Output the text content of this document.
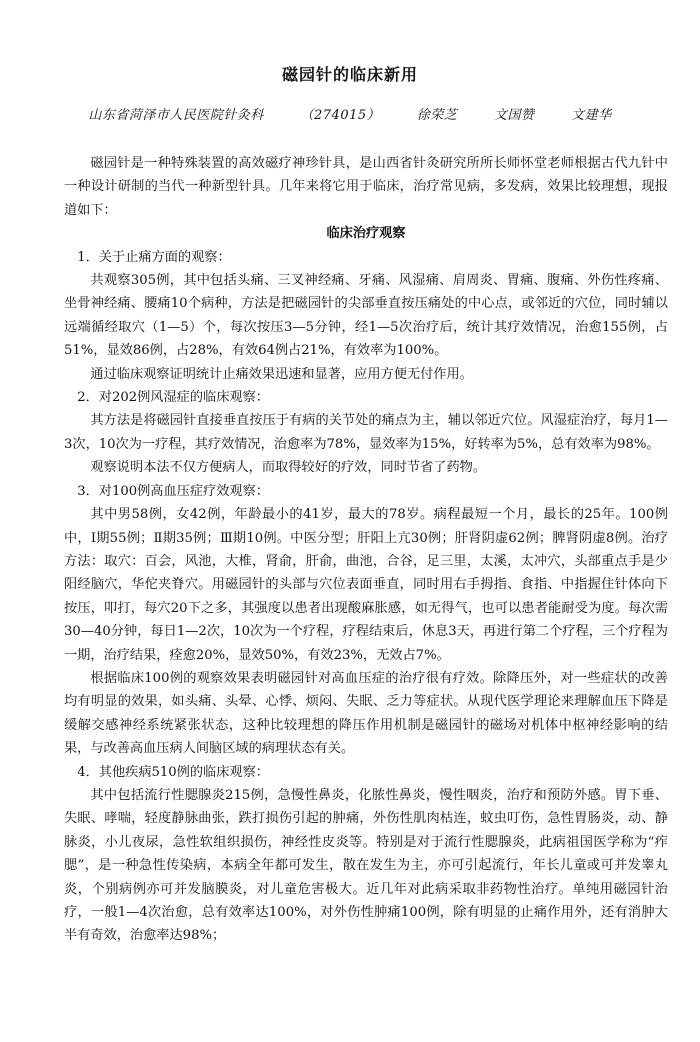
磁园针的临床新用
山东省菏泽市人民医院针灸科	（274015）	徐荣芝	文国赞	文建华

磁园针是一种特殊装置的高效磁疗神珍针具，是山西省针灸研究所所长师怀堂老师根据古代九针中一种设计研制的当代一种新型针具。几年来将它用于临床，治疗常见病，多发病，效果比较理想，现报道如下：

临床治疗观察

1．关于止痛方面的观察：

共观察305例，其中包括头痛、三叉神经痛、牙痛、风湿痛、肩周炎、胃痛、腹痛、外伤性疼痛、坐骨神经痛、腰痛10个病种，方法是把磁园针的尖部垂直按压痛处的中心点，或邻近的穴位，同时辅以远端循经取穴（1—5）个，每次按压3—5分钟，经1—5次治疗后，统计其疗效情况，治愈155例，占51%，显效86例，占28%，有效64例占21%，有效率为100%。

通过临床观察证明统计止痛效果迅速和显著，应用方便无付作用。

2．对202例风湿症的临床观察：

其方法是将磁园针直接垂直按压于有病的关节处的痛点为主，辅以邻近穴位。风湿症治疗，每月1—3次，10次为一疗程，其疗效情况，治愈率为78%，显效率为15%，好转率为5%，总有效率为98%。

观察说明本法不仅方便病人，而取得较好的疗效，同时节省了药物。

3．对100例高血压症疗效观察：

其中男58例，女42例，年龄最小的41岁，最大的78岁。病程最短一个月，最长的25年。100例中，Ⅰ期55例；Ⅱ期35例；Ⅲ期10例。中医分型；肝阳上亢30例；肝肾阴虚62例；脾肾阴虚8例。治疗方法：取穴：百会，风池，大椎，肾俞，肝俞，曲池，合谷，足三里，太溪，太冲穴，头部重点手是少阳经脑穴，华佗夹脊穴。用磁园针的头部与穴位表面垂直，同时用右手拇指、食指、中指握住针体向下按压，叩打，每穴20下之多，其强度以患者出现酸麻胀感，如无得气，也可以患者能耐受为度。每次需30—40分钟，每日1—2次，10次为一个疗程，疗程结束后，休息3天，再进行第二个疗程，三个疗程为一期，治疗结果，痊愈20%，显效50%，有效23%，无效占7%。

根据临床100例的观察效果表明磁园针对高血压症的治疗很有疗效。除降压外，对一些症状的改善均有明显的效果，如头痛、头晕、心悸、烦闷、失眠、乏力等症状。从现代医学理论来理解血压下降是缓解交感神经系统紧张状态，这种比较理想的降压作用机制是磁园针的磁场对机体中枢神经影响的结果，与改善高血压病人间脑区域的病理状态有关。

4．其他疾病510例的临床观察：

其中包括流行性腮腺炎215例，急慢性鼻炎，化脓性鼻炎，慢性咽炎，治疗和预防外感。胃下垂、失眠、哮喘，轻度静脉曲张，跌打损伤引起的肿痛，外伤性肌肉枯连，蚊虫叮伤，急性胃肠炎，动、静脉炎，小儿夜尿，急性软组织损伤，神经性皮炎等。特别是对于流行性腮腺炎，此病祖国医学称为“痄腮”，是一种急性传染病，本病全年都可发生，散在发生为主，亦可引起流行，年长儿童或可并发睾丸炎，个别病例亦可并发脑膜炎，对儿童危害极大。近几年对此病采取非药物性治疗。单纯用磁园针治疗，一般1—4次治愈，总有效率达100%，对外伤性肿痛100例，除有明显的止痛作用外，还有消肿大半有奇效，治愈率达98%；
